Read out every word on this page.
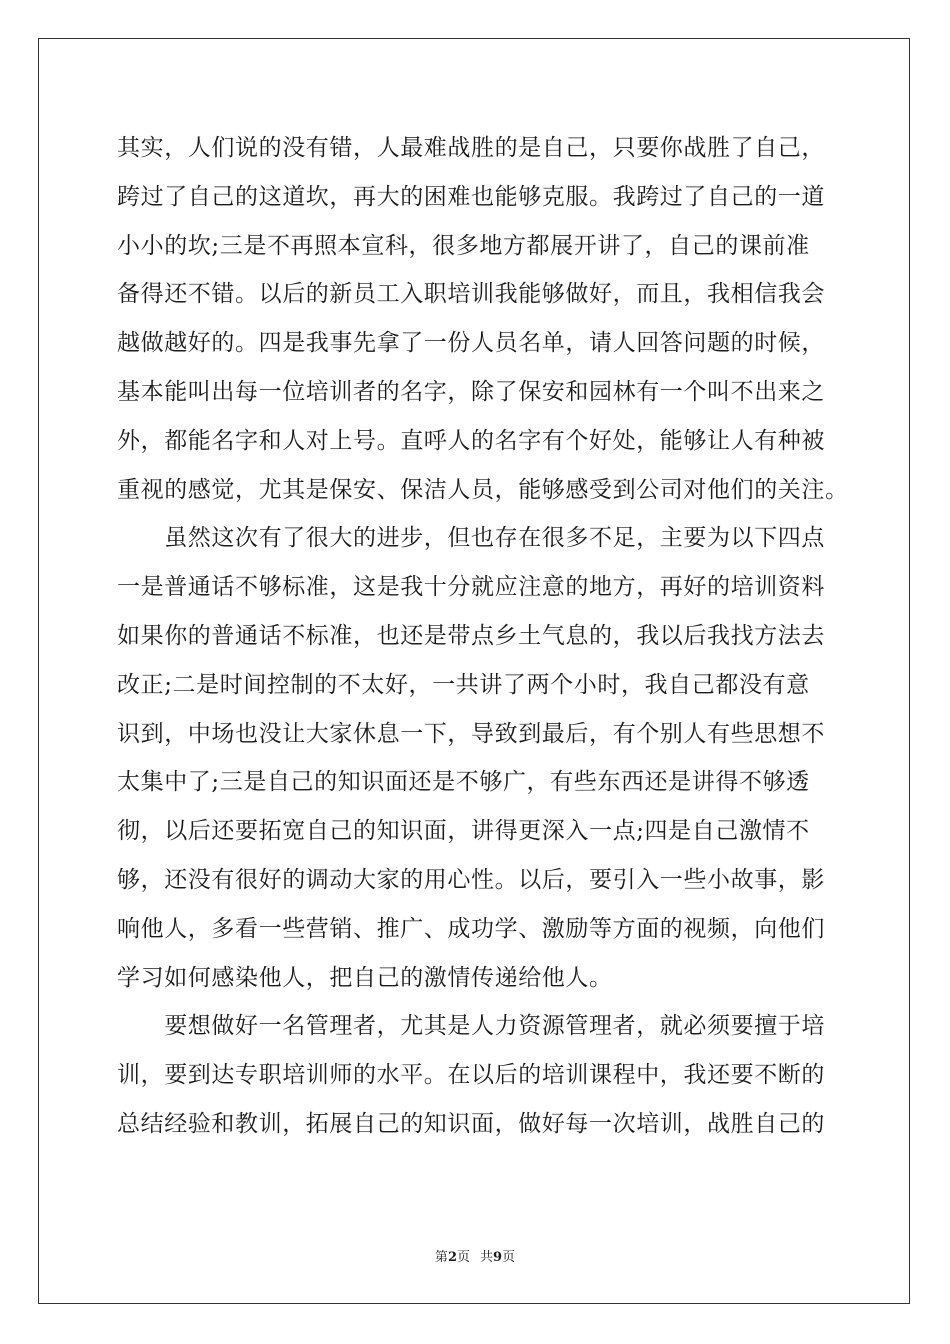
其实，人们说的没有错，人最难战胜的是自己，只要你战胜了自己，
跨过了自己的这道坎，再大的困难也能够克服。我跨过了自己的一道
小小的坎;三是不再照本宣科，很多地方都展开讲了，自己的课前准
备得还不错。以后的新员工入职培训我能够做好，而且，我相信我会
越做越好的。四是我事先拿了一份人员名单，请人回答问题的时候，
基本能叫出每一位培训者的名字，除了保安和园林有一个叫不出来之
外，都能名字和人对上号。直呼人的名字有个好处，能够让人有种被
重视的感觉，尤其是保安、保洁人员，能够感受到公司对他们的关注。
　　虽然这次有了很大的进步，但也存在很多不足，主要为以下四点
一是普通话不够标准，这是我十分就应注意的地方，再好的培训资料
如果你的普通话不标准，也还是带点乡土气息的，我以后我找方法去
改正;二是时间控制的不太好，一共讲了两个小时，我自己都没有意
识到，中场也没让大家休息一下，导致到最后，有个别人有些思想不
太集中了;三是自己的知识面还是不够广，有些东西还是讲得不够透
彻，以后还要拓宽自己的知识面，讲得更深入一点;四是自己激情不
够，还没有很好的调动大家的用心性。以后，要引入一些小故事，影
响他人，多看一些营销、推广、成功学、激励等方面的视频，向他们
学习如何感染他人，把自己的激情传递给他人。
　　要想做好一名管理者，尤其是人力资源管理者，就必须要擅于培
训，要到达专职培训师的水平。在以后的培训课程中，我还要不断的
总结经验和教训，拓展自己的知识面，做好每一次培训，战胜自己的
第2页 共9页
